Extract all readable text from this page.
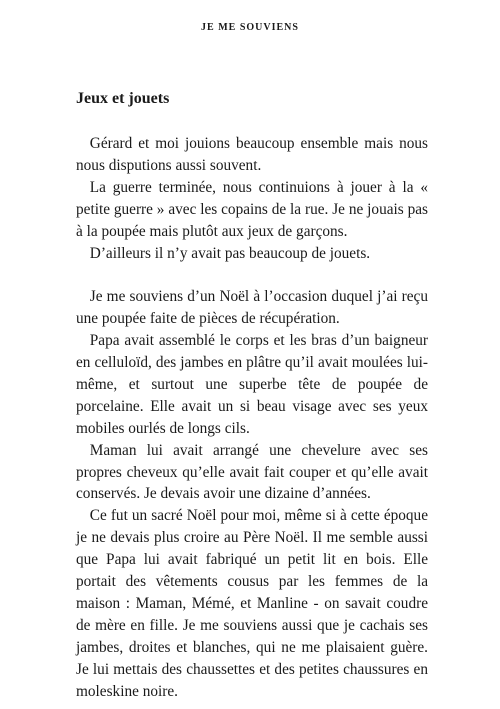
JE ME SOUVIENS
Jeux et jouets

Gérard et moi jouions beaucoup ensemble mais nous nous disputions aussi souvent.

La guerre terminée, nous continuions à jouer à la « petite guerre » avec les copains de la rue. Je ne jouais pas à la poupée mais plutôt aux jeux de garçons.

D’ailleurs il n’y avait pas beaucoup de jouets.

Je me souviens d’un Noël à l’occasion duquel j’ai reçu une poupée faite de pièces de récupération.

Papa avait assemblé le corps et les bras d’un baigneur en celluloïd, des jambes en plâtre qu’il avait moulées lui-même, et surtout une superbe tête de poupée de porcelaine. Elle avait un si beau visage avec ses yeux mobiles ourlés de longs cils.

Maman lui avait arrangé une chevelure avec ses propres cheveux qu’elle avait fait couper et qu’elle avait conservés. Je devais avoir une dizaine d’années.

Ce fut un sacré Noël pour moi, même si à cette époque je ne devais plus croire au Père Noël. Il me semble aussi que Papa lui avait fabriqué un petit lit en bois. Elle portait des vêtements cousus par les femmes de la maison : Maman, Mémé, et Manline - on savait coudre de mère en fille. Je me souviens aussi que je cachais ses jambes, droites et blanches, qui ne me plaisaient guère. Je lui mettais des chaussettes et des petites chaussures en moleskine noire.
